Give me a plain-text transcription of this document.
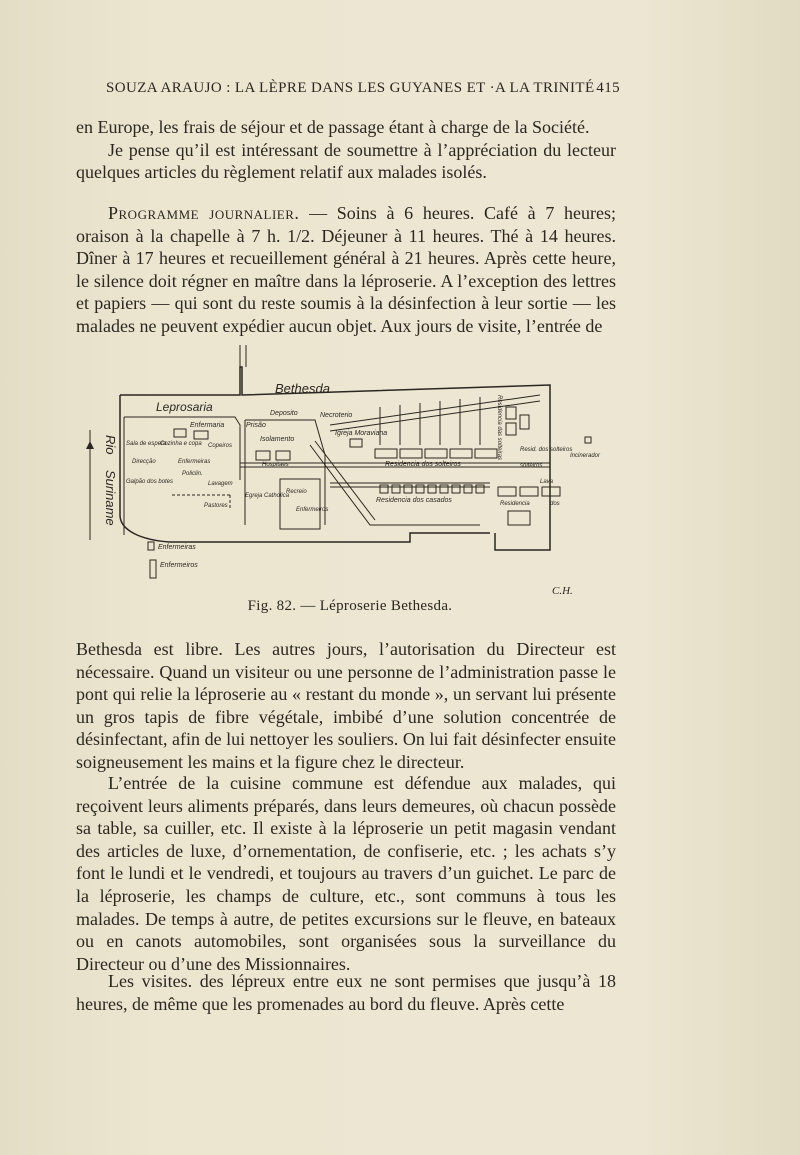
SOUZA ARAUJO : LA LÈPRE DANS LES GUYANES ET ·A LA TRINITÉ 415

en Europe, les frais de séjour et de passage étant à charge de la Société.

Je pense qu’il est intéressant de soumettre à l’appréciation du lecteur quelques articles du règlement relatif aux malades isolés.

Programme journalier. — Soins à 6 heures. Café à 7 heures; oraison à la chapelle à 7 h. 1/2. Déjeuner à 11 heures. Thé à 14 heures. Dîner à 17 heures et recueillement général à 21 heures. Après cette heure, le silence doit régner en maître dans la léproserie. A l’exception des lettres et papiers — qui sont du reste soumis à la désinfection à leur sortie — les malades ne peuvent expédier aucun objet. Aux jours de visite, l’entrée de

Rio
Suriname
Bethesda
Leprosaria
Enfermaria	Prisão
Isolamento
Deposito	Necroterio
Igreja Moraviana
Residencia dos solteiros
Sala de espera
Cozinha e copa Copeiros
Direcção	Enfermeiras	Hospitaes
Policlin.
Lavagem
Galpão dos botes
Pastores
Egreja Catholica
Recreio
Enfermeiros
Residencia dos casados
Residencia das solteiras	Resid. dos solteiros
Incinerador
solteiros
Lava
Residencia	dos
Enfermeiras
Enfermeiros
C.H.
Fig. 82. — Léproserie Bethesda.

Bethesda est libre. Les autres jours, l’autorisation du Directeur est nécessaire. Quand un visiteur ou une personne de l’administration passe le pont qui relie la léproserie au « restant du monde », un servant lui présente un gros tapis de fibre végétale, imbibé d’une solution concentrée de désinfectant, afin de lui nettoyer les souliers. On lui fait désinfecter ensuite soigneusement les mains et la figure chez le directeur.

L’entrée de la cuisine commune est défendue aux malades, qui reçoivent leurs aliments préparés, dans leurs demeures, où chacun possède sa table, sa cuiller, etc. Il existe à la léproserie un petit magasin vendant des articles de luxe, d’ornementation, de confiserie, etc. ; les achats s’y font le lundi et le vendredi, et toujours au travers d’un guichet. Le parc de la léproserie, les champs de culture, etc., sont communs à tous les malades. De temps à autre, de petites excursions sur le fleuve, en bateaux ou en canots automobiles, sont organisées sous la surveillance du Directeur ou d’une des Missionnaires.

Les visites. des lépreux entre eux ne sont permises que jusqu’à 18 heures, de même que les promenades au bord du fleuve. Après cette
